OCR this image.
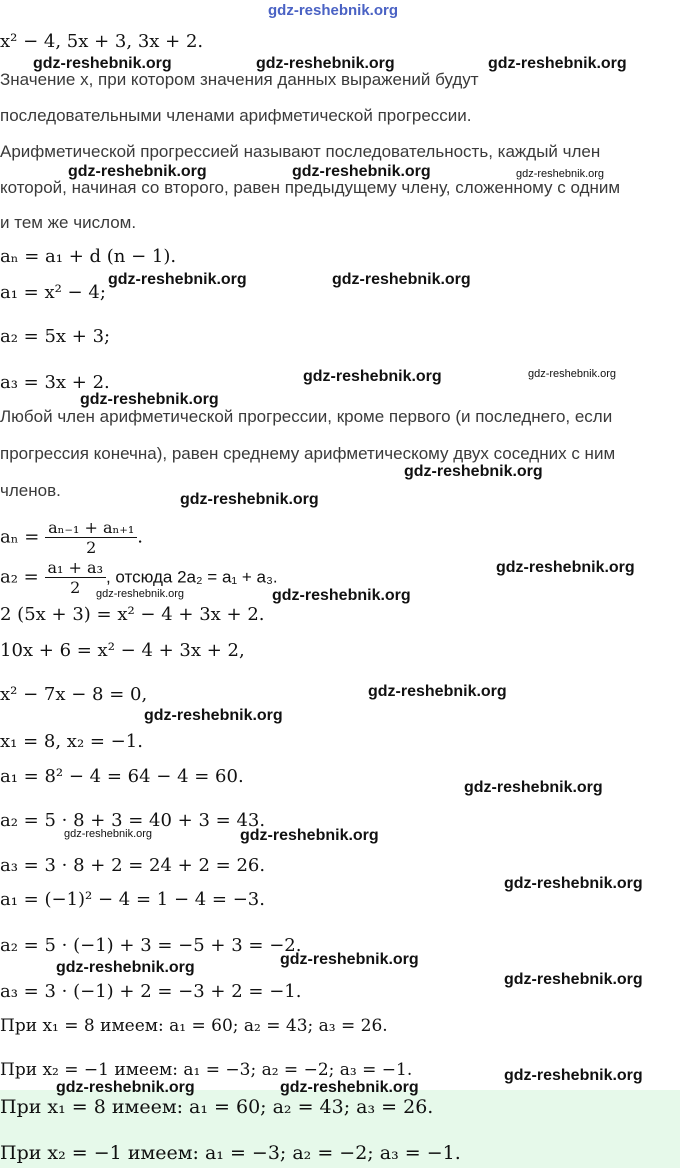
gdz-reshebnik.org
При x₁ = 8 имеем: a₁ = 60; a₂ = 43; a₃ = 26.
При x₂ = −1 имеем: a₁ = −3; a₂ = −2; a₃ = −1.
x² − 4, 5x + 3, 3x + 2.
Значение x, при котором значения данных выражений будут
последовательными членами арифметической прогрессии.
Арифметической прогрессией называют последовательность, каждый член
которой, начиная со второго, равен предыдущему члену, сложенному с одним
и тем же числом.
aₙ = a₁ + d (n − 1).
a₁ = x² − 4;
a₂ = 5x + 3;
a₃ = 3x + 2.
Любой член арифметической прогрессии, кроме первого (и последнего, если
прогрессия конечна), равен среднему арифметическому двух соседних с ним
членов.
$a_n = \frac{\text{aₙ₋₁ + aₙ₊₁}}{2}$ .
$a_2 = \frac{\text{a₁ + a₃}}{2}$ , отсюда 2a₂ = a₁ + a₃.
2 (5x + 3) = x² − 4 + 3x + 2.
10x + 6 = x² − 4 + 3x + 2,
x² − 7x − 8 = 0,
x₁ = 8, x₂ = −1.
a₁ = 8² − 4 = 64 − 4 = 60.
a₂ = 5 · 8 + 3 = 40 + 3 = 43.
a₃ = 3 · 8 + 2 = 24 + 2 = 26.
a₁ = (−1)² − 4 = 1 − 4 = −3.
a₂ = 5 · (−1) + 3 = −5 + 3 = −2.
a₃ = 3 · (−1) + 2 = −3 + 2 = −1.
При x₁ = 8 имеем: a₁ = 60; a₂ = 43; a₃ = 26.
При x₂ = −1 имеем: a₁ = −3; a₂ = −2; a₃ = −1.
gdz-reshebnik.org	gdz-reshebnik.org	gdz-reshebnik.org
gdz-reshebnik.org	gdz-reshebnik.org	gdz-reshebnik.org
gdz-reshebnik.org	gdz-reshebnik.org
gdz-reshebnik.org	gdz-reshebnik.org
gdz-reshebnik.org
gdz-reshebnik.org
gdz-reshebnik.org
gdz-reshebnik.org
gdz-reshebnik.org	gdz-reshebnik.org
gdz-reshebnik.org
gdz-reshebnik.org
gdz-reshebnik.org
gdz-reshebnik.org	gdz-reshebnik.org
gdz-reshebnik.org
gdz-reshebnik.org
gdz-reshebnik.org
gdz-reshebnik.org
gdz-reshebnik.org
gdz-reshebnik.org	gdz-reshebnik.org
